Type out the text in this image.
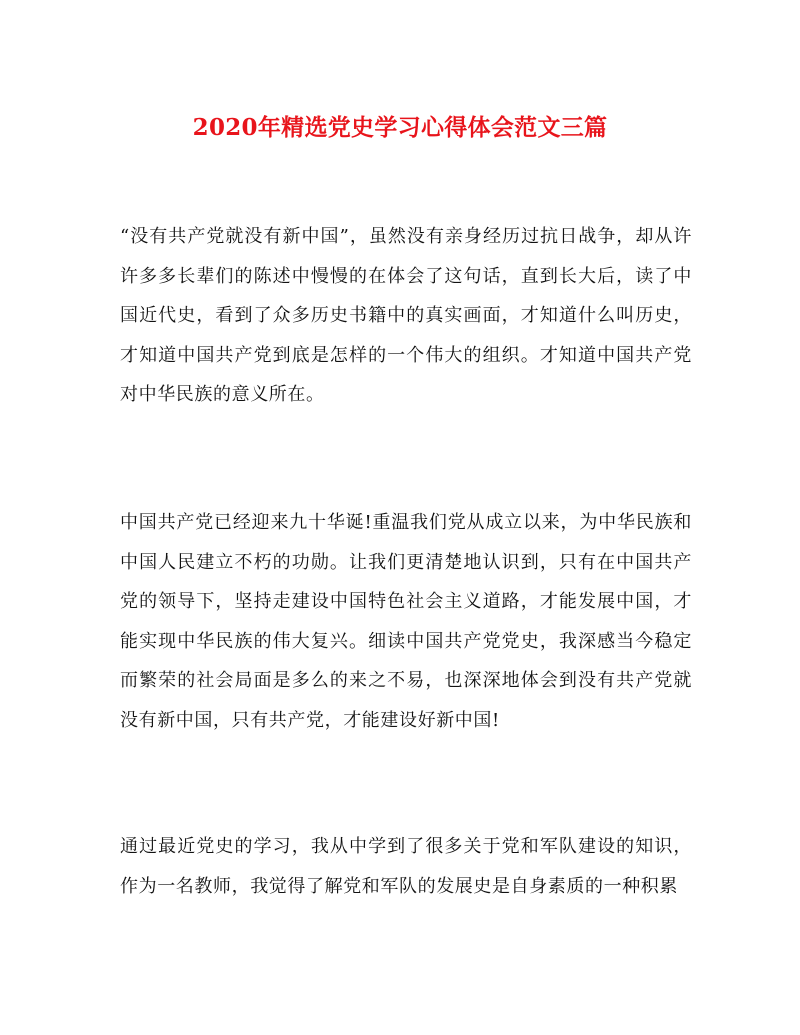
2020年精选党史学习心得体会范文三篇

“没有共产党就没有新中国”，虽然没有亲身经历过抗日战争，却从许许多多长辈们的陈述中慢慢的在体会了这句话，直到长大后，读了中国近代史，看到了众多历史书籍中的真实画面，才知道什么叫历史，才知道中国共产党到底是怎样的一个伟大的组织。才知道中国共产党对中华民族的意义所在。

中国共产党已经迎来九十华诞!重温我们党从成立以来，为中华民族和中国人民建立不朽的功勋。让我们更清楚地认识到，只有在中国共产党的领导下，坚持走建设中国特色社会主义道路，才能发展中国，才能实现中华民族的伟大复兴。细读中国共产党党史，我深感当今稳定而繁荣的社会局面是多么的来之不易，也深深地体会到没有共产党就没有新中国，只有共产党，才能建设好新中国!

通过最近党史的学习，我从中学到了很多关于党和军队建设的知识，作为一名教师，我觉得了解党和军队的发展史是自身素质的一种积累
